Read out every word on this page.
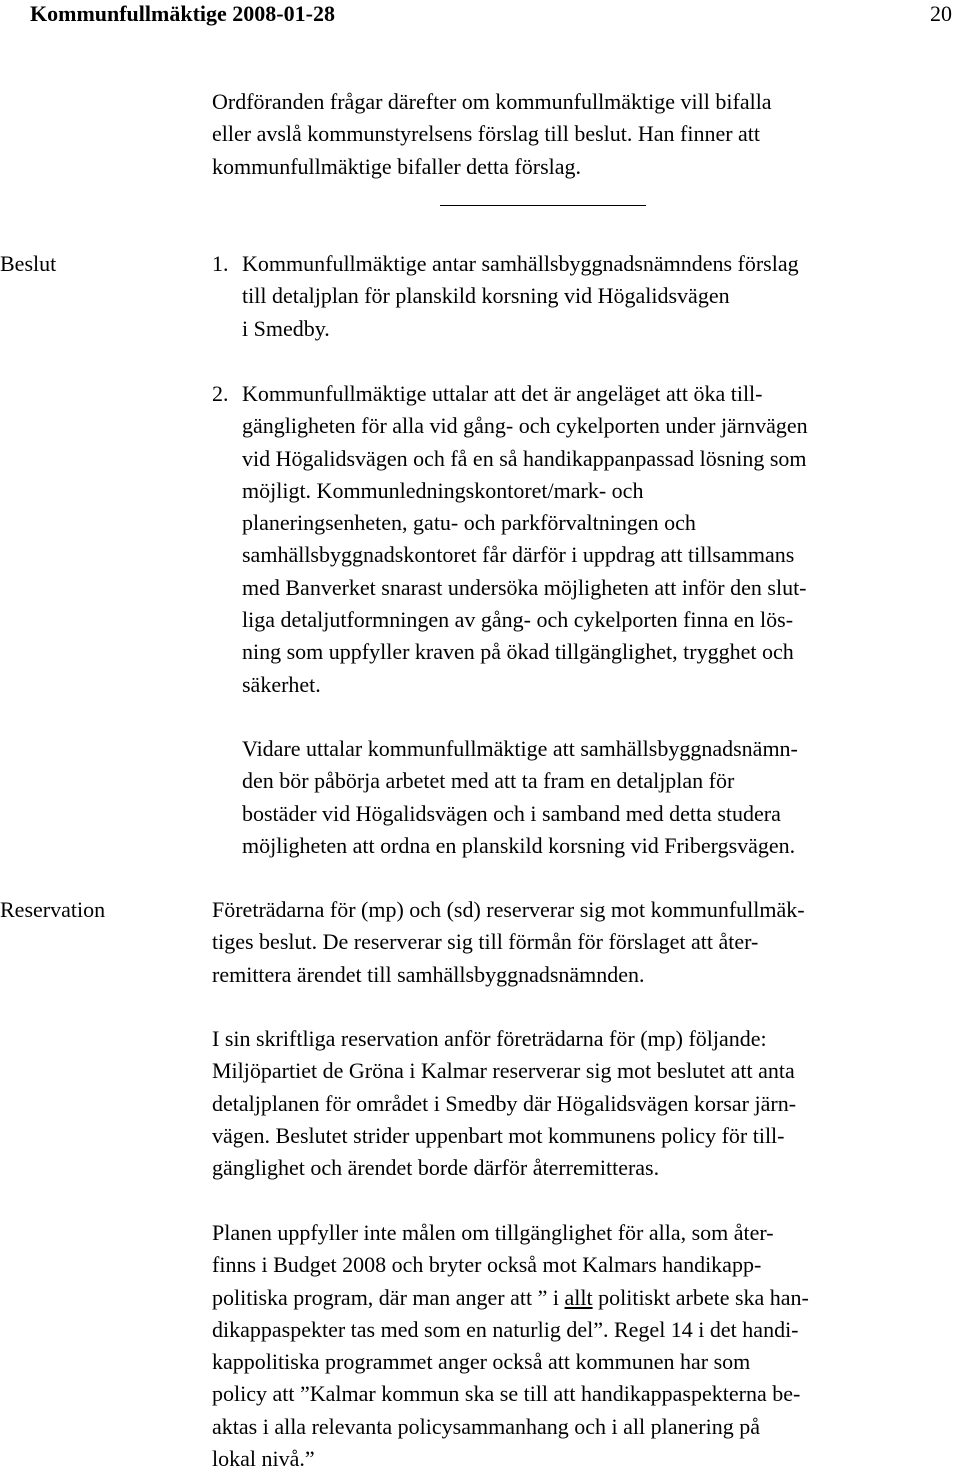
Kommunfullmäktige 2008-01-28	20
Ordföranden frågar därefter om kommunfullmäktige vill bifalla
eller avslå kommunstyrelsens förslag till beslut. Han finner att
kommunfullmäktige bifaller detta förslag.
Beslut	1. Kommunfullmäktige antar samhällsbyggnadsnämndens förslag
till detaljplan för planskild korsning vid Högalidsvägen
i Smedby.
2. Kommunfullmäktige uttalar att det är angeläget att öka till-
gängligheten för alla vid gång- och cykelporten under järnvägen
vid Högalidsvägen och få en så handikappanpassad lösning som
möjligt. Kommunledningskontoret/mark- och
planeringsenheten, gatu- och parkförvaltningen och
samhällsbyggnadskontoret får därför i uppdrag att tillsammans
med Banverket snarast undersöka möjligheten att inför den slut-
liga detaljutformningen av gång- och cykelporten finna en lös-
ning som uppfyller kraven på ökad tillgänglighet, trygghet och
säkerhet.
Vidare uttalar kommunfullmäktige att samhällsbyggnadsnämn-
den bör påbörja arbetet med att ta fram en detaljplan för
bostäder vid Högalidsvägen och i samband med detta studera
möjligheten att ordna en planskild korsning vid Fribergsvägen.
Reservation	Företrädarna för (mp) och (sd) reserverar sig mot kommunfullmäk-
tiges beslut. De reserverar sig till förmån för förslaget att åter-
remittera ärendet till samhällsbyggnadsnämnden.
I sin skriftliga reservation anför företrädarna för (mp) följande:
Miljöpartiet de Gröna i Kalmar reserverar sig mot beslutet att anta
detaljplanen för området i Smedby där Högalidsvägen korsar järn-
vägen. Beslutet strider uppenbart mot kommunens policy för till-
gänglighet och ärendet borde därför återremitteras.
Planen uppfyller inte målen om tillgänglighet för alla, som åter-
finns i Budget 2008 och bryter också mot Kalmars handikapp-
politiska program, där man anger att ” i allt politiskt arbete ska han-
dikappaspekter tas med som en naturlig del”. Regel 14 i det handi-
kappolitiska programmet anger också att kommunen har som
policy att ”Kalmar kommun ska se till att handikappaspekterna be-
aktas i alla relevanta policysammanhang och i all planering på
lokal nivå.”
